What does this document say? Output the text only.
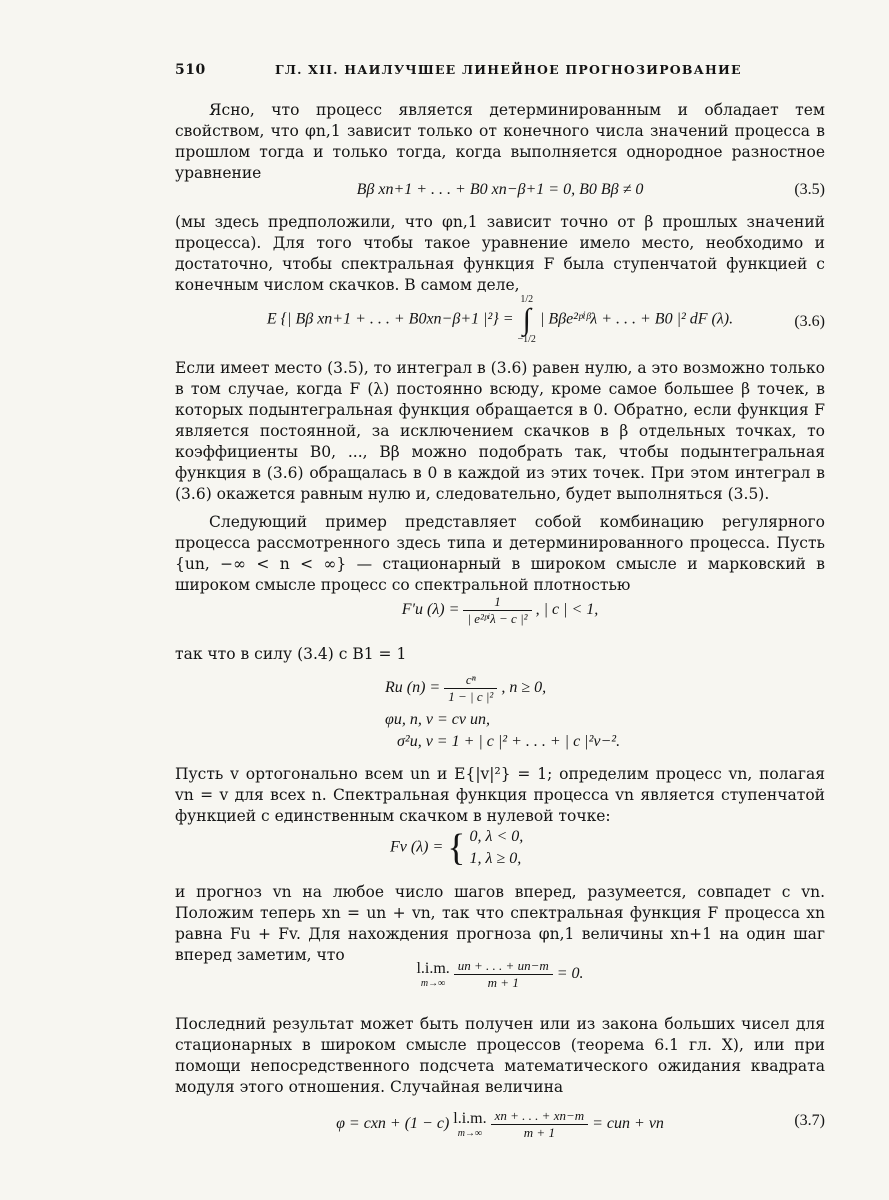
510	ГЛ. XII. НАИЛУЧШЕЕ ЛИНЕЙНОЕ ПРОГНОЗИРОВАНИЕ
Ясно, что процесс является детерминированным и обладает тем свойством, что φn,1 зависит только от конечного числа значений процесса в прошлом тогда и только тогда, когда выполняется однородное разностное уравнение
Bβ xn+1 + . . . + B0 xn−β+1 = 0, B0 Bβ ≠ 0	(3.5)
(мы здесь предположили, что φn,1 зависит точно от β прошлых значений процесса). Для того чтобы такое уравнение имело место, необходимо и достаточно, чтобы спектральная функция F была ступенчатой функцией с конечным числом скачков. В самом деле,
E {| Bβ xn+1 + . . . + B0xn−β+1 |²} =
1/2
∫
−1/2
| Bβe²ᵖⁱᵝλ + . . . + B0 |² dF (λ).	(3.6)
Если имеет место (3.5), то интеграл в (3.6) равен нулю, а это возможно только в том случае, когда F (λ) постоянно всюду, кроме самое большее β точек, в которых подынтегральная функция обращается в 0. Обратно, если функция F является постоянной, за исключением скачков в β отдельных точках, то коэффициенты B0, ..., Bβ можно подобрать так, чтобы подынтегральная функция в (3.6) обращалась в 0 в каждой из этих точек. При этом интеграл в (3.6) окажется равным нулю и, следовательно, будет выполняться (3.5).
Следующий пример представляет собой комбинацию регулярного процесса рассмотренного здесь типа и детерминированного процесса. Пусть {un, −∞ < n < ∞} — стационарный в широком смысле и марковский в широком смысле процесс со спектральной плотностью
F′u $(\lambda) = \frac{1}{\text{| e²ᵖⁱλ − c |²}}$ , | c | < 1,
так что в силу (3.4) с B1 = 1
Ru $(n) = \frac{\text{cⁿ}}{\text{1 − | c |²}}$ , n ≥ 0,
φu, n, ν = cν un,
σ²u, ν = 1 + | c |² + . . . + | c |²ν−².
Пусть v ортогонально всем un и E{|v|²} = 1; определим процесс vn, полагая vn = v для всех n. Спектральная функция процесса vn является ступенчатой функцией с единственным скачком в нулевой точке:
Fv (λ) = { 0, λ < 0,
1, λ ≥ 0,
и прогноз vn на любое число шагов вперед, разумеется, совпадет с vn. Положим теперь xn = un + vn, так что спектральная функция F процесса xn равна Fu + Fv. Для нахождения прогноза φn,1 величины xn+1 на один шаг вперед заметим, что
l.i.m.
m→∞
$\frac{un + . . . + un-m}{m + 1} = 0$.
Последний результат может быть получен или из закона больших чисел для стационарных в широком смысле процессов (теорема 6.1 гл. X), или при помощи непосредственного подсчета математического ожидания квадрата модуля этого отношения. Случайная величина
φ = cxn + (1 − c) l.i.m.
m→∞
$\frac{xn + . . . + xn-m}{m + 1}$ = cun + vn	(3.7)
